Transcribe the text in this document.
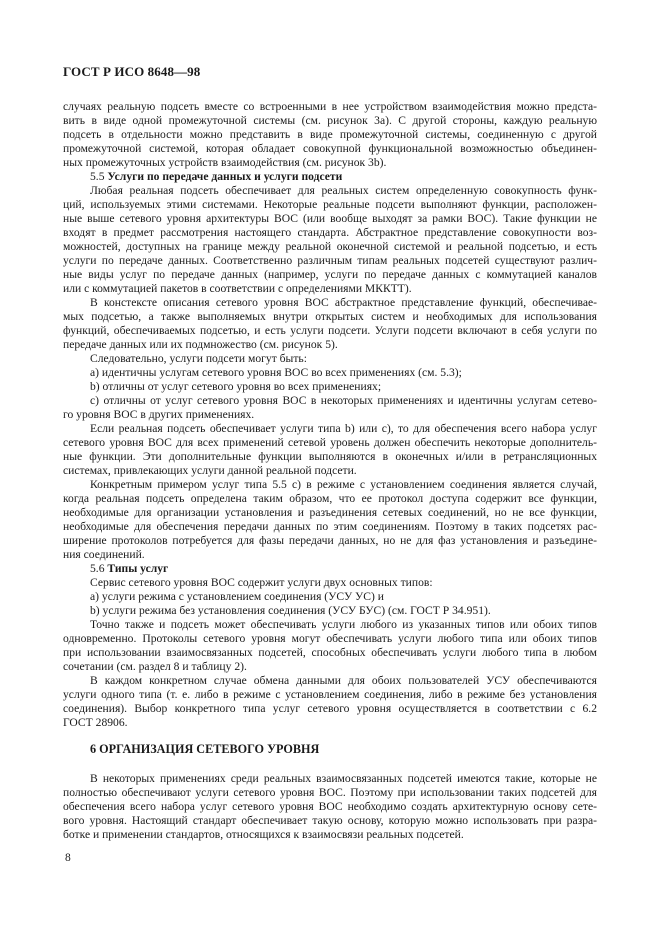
ГОСТ Р ИСО 8648—98
случаях реальную подсеть вместе со встроенными в нее устройством взаимодействия можно предста-
вить в виде одной промежуточной системы (см. рисунок 3а). С другой стороны, каждую реальную
подсеть в отдельности можно представить в виде промежуточной системы, соединенную с другой
промежуточной системой, которая обладает совокупной функциональной возможностью объединен-
ных промежуточных устройств взаимодействия (см. рисунок 3b).
Любая реальная подсеть обеспечивает для реальных систем определенную совокупность функ-
ций, используемых этими системами. Некоторые реальные подсети выполняют функции, расположен-
ные выше сетевого уровня архитектуры ВОС (или вообще выходят за рамки ВОС). Такие функции не
входят в предмет рассмотрения настоящего стандарта. Абстрактное представление совокупности воз-
можностей, доступных на границе между реальной оконечной системой и реальной подсетью, и есть
услуги по передаче данных. Соответственно различным типам реальных подсетей существуют различ-
ные виды услуг по передаче данных (например, услуги по передаче данных с коммутацией каналов
или с коммутацией пакетов в соответствии с определениями МККТТ).
В констексте описания сетевого уровня ВОС абстрактное представление функций, обеспечивае-
мых подсетью, а также выполняемых внутри открытых систем и необходимых для использования
функций, обеспечиваемых подсетью, и есть услуги подсети. Услуги подсети включают в себя услуги по
передаче данных или их подмножество (см. рисунок 5).
Следовательно, услуги подсети могут быть:
a) идентичны услугам сетевого уровня ВОС во всех применениях (см. 5.3);
b) отличны от услуг сетевого уровня во всех применениях;
c) отличны от услуг сетевого уровня ВОС в некоторых применениях и идентичны услугам сетево-
го уровня ВОС в других применениях.
Если реальная подсеть обеспечивает услуги типа b) или c), то для обеспечения всего набора услуг
сетевого уровня ВОС для всех применений сетевой уровень должен обеспечить некоторые дополнитель-
ные функции. Эти дополнительные функции выполняются в оконечных и/или в ретрансляционных
системах, привлекающих услуги данной реальной подсети.
Конкретным примером услуг типа 5.5 c) в режиме с установлением соединения является случай,
когда реальная подсеть определена таким образом, что ее протокол доступа содержит все функции,
необходимые для организации установления и разъединения сетевых соединений, но не все функции,
необходимые для обеспечения передачи данных по этим соединениям. Поэтому в таких подсетях рас-
ширение протоколов потребуется для фазы передачи данных, но не для фаз установления и разъедине-
ния соединений.
Сервис сетевого уровня ВОС содержит услуги двух основных типов:
a) услуги режима с установлением соединения (УСУ УС) и
b) услуги режима без установления соединения (УСУ БУС) (см. ГОСТ Р 34.951).
Точно также и подсеть может обеспечивать услуги любого из указанных типов или обоих типов
одновременно. Протоколы сетевого уровня могут обеспечивать услуги любого типа или обоих типов
при использовании взаимосвязанных подсетей, способных обеспечивать услуги любого типа в любом
сочетании (см. раздел 8 и таблицу 2).
В каждом конкретном случае обмена данными для обоих пользователей УСУ обеспечиваются
услуги одного типа (т. е. либо в режиме с установлением соединения, либо в режиме без установления
соединения). Выбор конкретного типа услуг сетевого уровня осуществляется в соответствии с 6.2
ГОСТ 28906.
В некоторых применениях среди реальных взаимосвязанных подсетей имеются такие, которые не
полностью обеспечивают услуги сетевого уровня ВОС. Поэтому при использовании таких подсетей для
обеспечения всего набора услуг сетевого уровня ВОС необходимо создать архитектурную основу сете-
вого уровня. Настоящий стандарт обеспечивает такую основу, которую можно использовать при разра-
ботке и применении стандартов, относящихся к взаимосвязи реальных подсетей.
5.5 Услуги по передаче данных и услуги подсети
5.6 Типы услуг
6 ОРГАНИЗАЦИЯ СЕТЕВОГО УРОВНЯ
8
